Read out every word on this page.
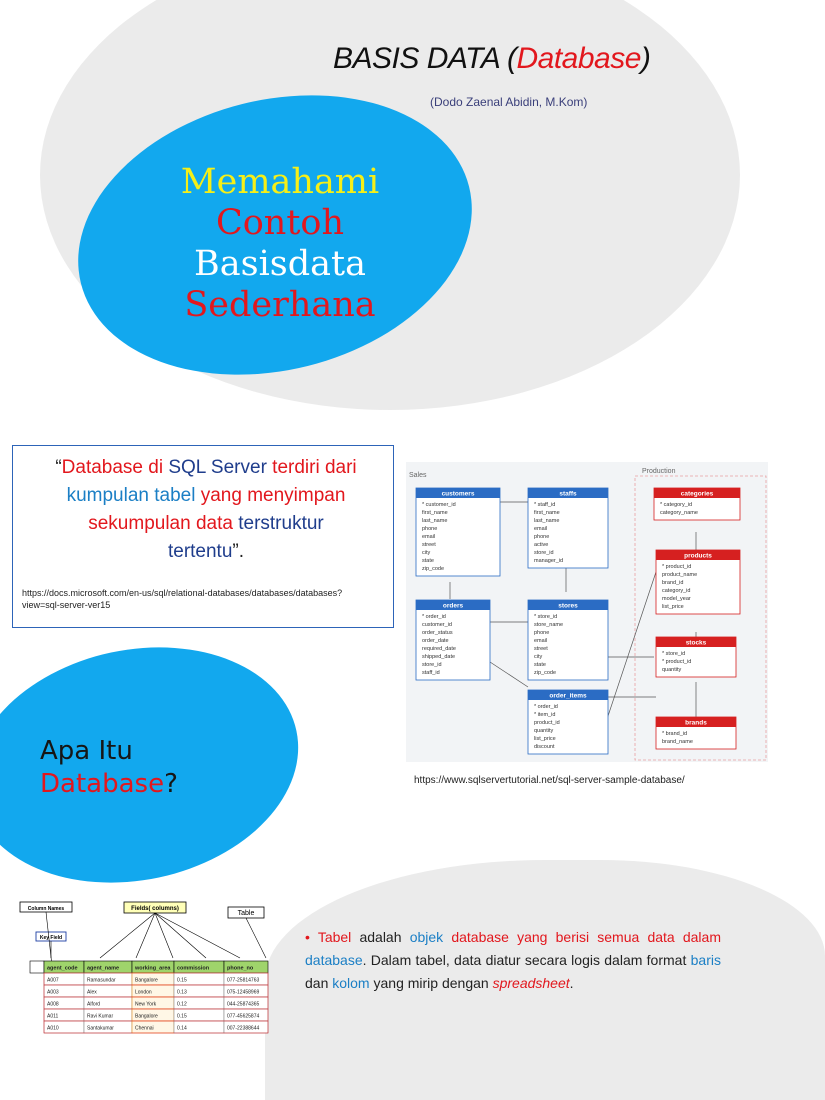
BASIS DATA (Database)
(Dodo Zaenal Abidin, M.Kom)
Memahami
Contoh
Basisdata
Sederhana
“Database di SQL Server terdiri dari
kumpulan tabel yang menyimpan
sekumpulan data terstruktur
tertentu”.
https://docs.microsoft.com/en-us/sql/relational-databases/databases/databases?view=sql-server-ver15
Sales
Production
customers
* customer_id
first_name
last_name
phone
email
street
city
state
zip_code
staffs
* staff_id
first_name
last_name
email
phone
active
store_id
manager_id
categories
* category_id
category_name
products
* product_id
product_name
brand_id
category_id
model_year
list_price
orders
* order_id
customer_id
order_status
order_date
required_date
shipped_date
store_id
staff_id
stores
* store_id
store_name
phone
email
street
city
state
zip_code
stocks
* store_id
* product_id
quantity
order_items
* order_id
* item_id
product_id
quantity
list_price
discount
brands
* brand_id
brand_name
https://www.sqlservertutorial.net/sql-server-sample-database/
Apa Itu
Database?
Column Names	Fields( columns)
Table
Key Field
agent_code agent_name	working_area commission	phone_no
A007	Ramasundar	Bangalore	0.15	077-25814763
A003	Alex	London	0.13	075-12458969
A008	Alford	New York	0.12	044-25874365
A011	Ravi Kumar	Bangalore	0.15	077-45625874
A010	Santakumar	Chennai	0.14	007-22388644
• Tabel adalah objek database yang berisi semua data dalam database. Dalam tabel, data diatur secara logis dalam format baris dan kolom yang mirip dengan spreadsheet.
